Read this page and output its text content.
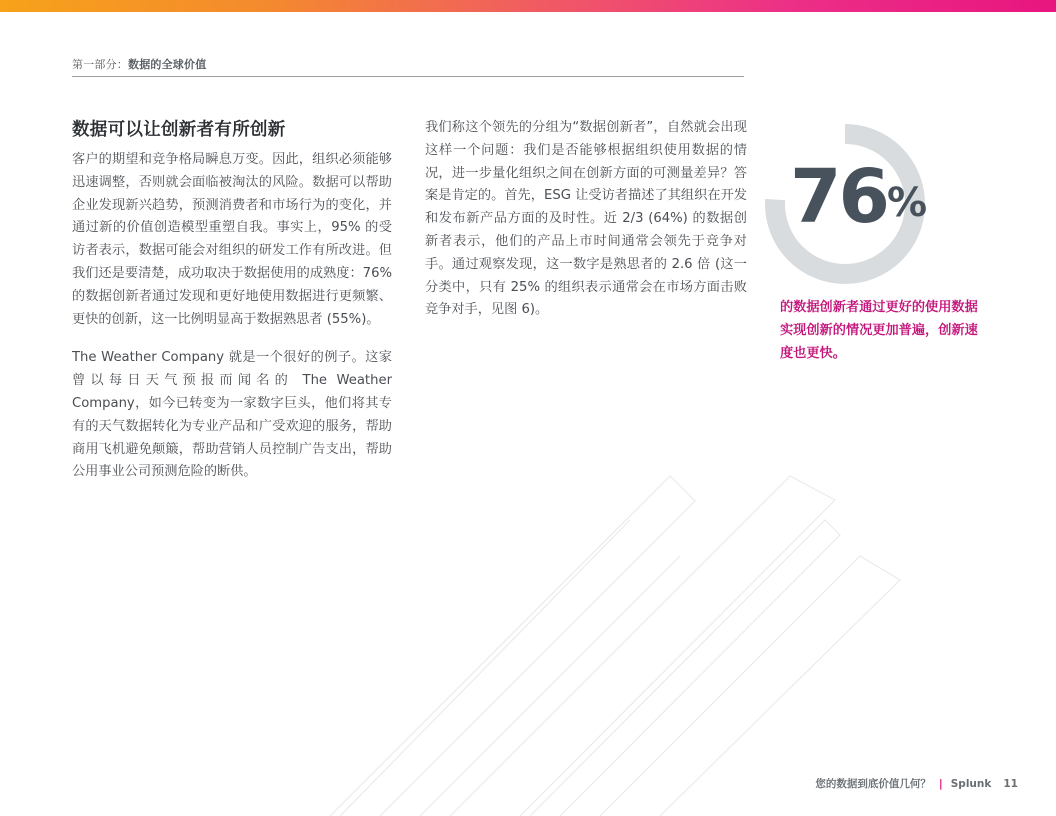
第一部分：数据的全球价值
数据可以让创新者有所创新

客户的期望和竞争格局瞬息万变。因此，组织必须能够迅速调整，否则就会面临被淘汰的风险。数据可以帮助企业发现新兴趋势，预测消费者和市场行为的变化，并通过新的价值创造模型重塑自我。事实上，95% 的受访者表示，数据可能会对组织的研发工作有所改进。但我们还是要清楚，成功取决于数据使用的成熟度：76% 的数据创新者通过发现和更好地使用数据进行更频繁、更快的创新，这一比例明显高于数据熟思者 (55%)。

The Weather Company 就是一个很好的例子。这家曾以每日天气预报而闻名的 The Weather Company，如今已转变为一家数字巨头，他们将其专有的天气数据转化为专业产品和广受欢迎的服务，帮助商用飞机避免颠簸，帮助营销人员控制广告支出，帮助公用事业公司预测危险的断供。

我们称这个领先的分组为“数据创新者”，自然就会出现这样一个问题：我们是否能够根据组织使用数据的情况，进一步量化组织之间在创新方面的可测量差异？答案是肯定的。首先，ESG 让受访者描述了其组织在开发和发布新产品方面的及时性。近 2/3 (64%) 的数据创新者表示，他们的产品上市时间通常会领先于竞争对手。通过观察发现，这一数字是熟思者的 2.6 倍 (这一分类中，只有 25% 的组织表示通常会在市场方面击败竞争对手，见图 6)。

76%
的数据创新者通过更好的使用数据实现创新的情况更加普遍，创新速度也更快。
您的数据到底价值几何？ | Splunk 11
